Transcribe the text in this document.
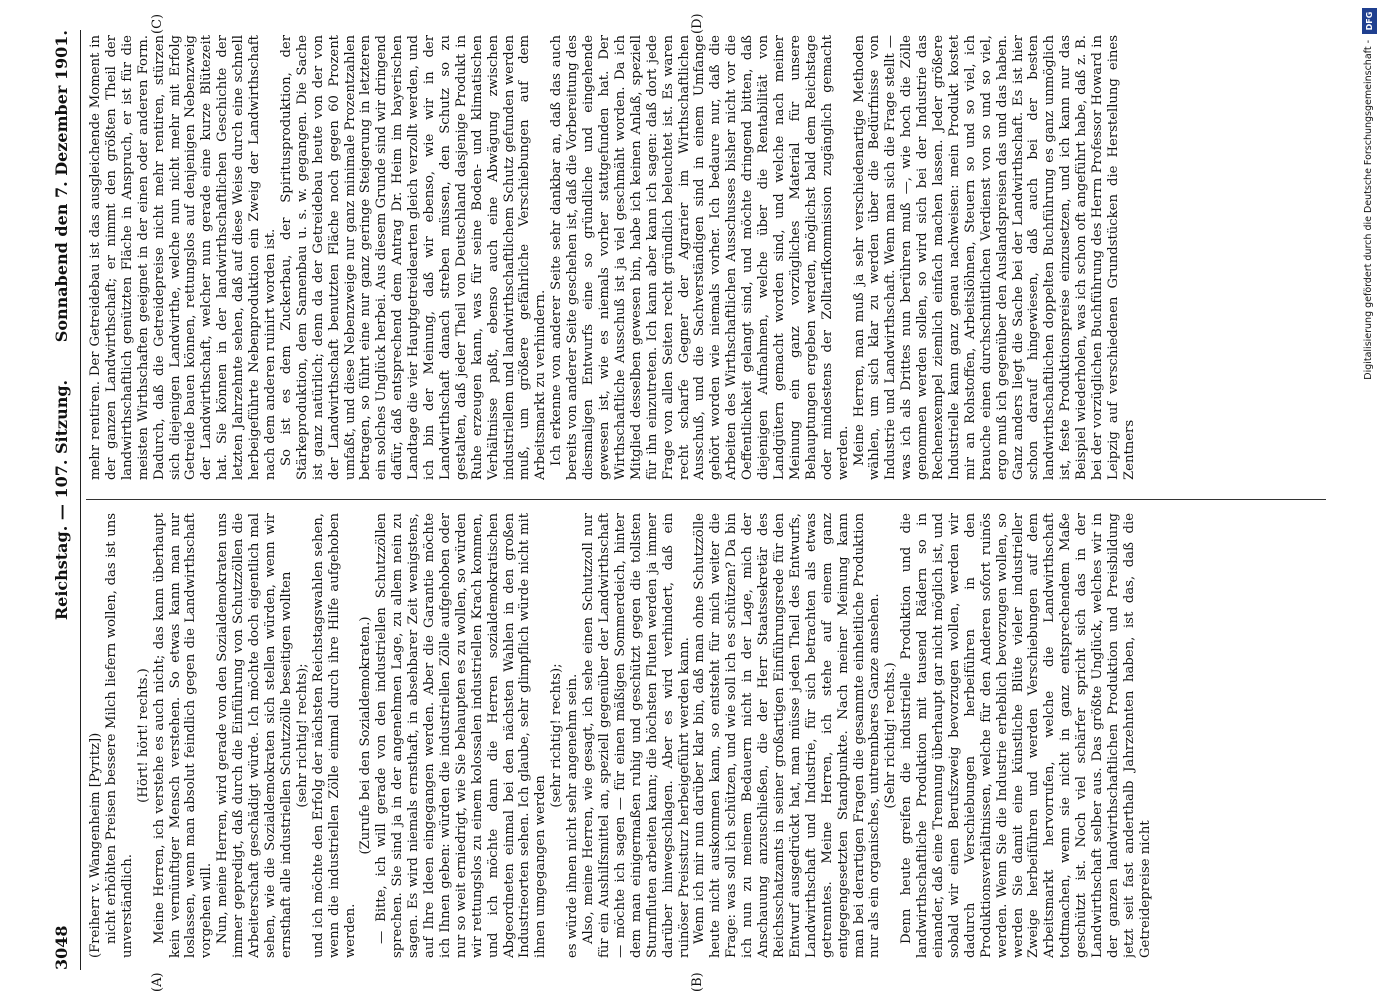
3048
Reichstag. — 107. Sitzung.
Sonnabend den 7. Dezember 1901.
(A)	(B)
(C)	(D)

(Freiherr v. Wangenheim [Pyritz]) nicht erhöhten Preisen bessere Milch liefern wollen, das ist uns unverständlich.

(Hört! hört! rechts.) Meine Herren, ich verstehe es auch nicht; das kann überhaupt kein vernünftiger Mensch verstehen. So etwas kann man nur loslassen, wenn man absolut feindlich gegen die Landwirthschaft vorgehen will. Nun, meine Herren, wird gerade von den Sozialdemokraten uns immer gepredigt, daß durch die Einführung von Schutzzöllen die Arbeiterschaft geschädigt würde. Ich möchte doch eigentlich mal sehen, wie die Sozialdemokraten sich stellen würden, wenn wir ernsthaft alle industriellen Schutzzölle beseitigen wollten (sehr richtig! rechts); und ich möchte den Erfolg der nächsten Reichstagswahlen sehen, wenn die industriellen Zölle einmal durch ihre Hilfe aufgehoben werden.

(Zurufe bei den Sozialdemokraten.) — Bitte, ich will gerade von den industriellen Schutzzöllen sprechen. Sie sind ja in der angenehmen Lage, zu allem nein zu sagen. Es wird niemals ernsthaft, in absehbarer Zeit wenigstens, auf Ihre Ideen eingegangen werden. Aber die Garantie möchte ich Ihnen geben: würden die industriellen Zölle aufgehoben oder nur so weit erniedrigt, wie Sie behaupten es zu wollen, so würden wir rettungslos zu einem kolossalen industriellen Krach kommen, und ich möchte dann die Herren sozialdemokratischen Abgeordneten einmal bei den nächsten Wahlen in den großen Industrieorten sehen. Ich glaube, sehr glimpflich würde nicht mit ihnen umgegangen werden

(sehr richtig! rechts); es würde ihnen nicht sehr angenehm sein. Also, meine Herren, wie gesagt, ich sehe einen Schutzzoll nur für ein Aushilfsmittel an, speziell gegenüber der Landwirthschaft — möchte ich sagen — für einen mäßigen Sommerdeich, hinter dem man einigermaßen ruhig und geschützt gegen die tollsten Sturmfluten arbeiten kann; die höchsten Fluten werden ja immer darüber hinwegschlagen. Aber es wird verhindert, daß ein ruinöser Preissturz herbeigeführt werden kann. Wenn ich mir nun darüber klar bin, daß man ohne Schutzzölle heute nicht auskommen kann, so entsteht für mich weiter die Frage: was soll ich schützen, und wie soll ich es schützen? Da bin ich nun zu meinem Bedauern nicht in der Lage, mich der Anschauung anzuschließen, die der Herr Staatssekretär des Reichsschatzamts in seiner großartigen Einführungsrede für den Entwurf ausgedrückt hat, man müsse jeden Theil des Entwurfs, Landwirthschaft und Industrie, für sich betrachten als etwas getrenntes. Meine Herren, ich stehe auf einem ganz entgegengesetzten Standpunkte. Nach meiner Meinung kann man bei derartigen Fragen die gesammte einheitliche Produktion nur als ein organisches, untrennbares Ganze ansehen. (Sehr richtig! rechts.) Denn heute greifen die industrielle Produktion und die landwirthschaftliche Produktion mit tausend Rädern so in einander, daß eine Trennung überhaupt gar nicht möglich ist, und sobald wir einen Berufszweig bevorzugen wollen, werden wir dadurch Verschiebungen herbeiführen in den Produktionsverhältnissen, welche für den Anderen sofort ruinös werden. Wenn Sie die Industrie erheblich bevorzugen wollen, so werden Sie damit eine künstliche Blüte vieler industrieller Zweige herbeiführen und werden Verschiebungen auf dem Arbeitsmarkt hervorrufen, welche die Landwirthschaft todtmachen, wenn sie nicht in ganz entsprechendem Maße geschützt ist. Noch viel schärfer spricht sich das in der Landwirthschaft selber aus. Das größte Unglück, welches wir in der ganzen landwirthschaftlichen Produktion und Preisbildung jetzt seit fast anderthalb Jahrzehnten haben, ist das, daß die Getreidepreise nicht

mehr rentiren. Der Getreidebau ist das ausgleichende Moment in der ganzen Landwirthschaft; er nimmt den größten Theil der landwirthschaftlich genützten Fläche in Anspruch, er ist für die meisten Wirthschaften geeignet in der einen oder anderen Form. Dadurch, daß die Getreidepreise nicht mehr rentiren, stürzen sich diejenigen Landwirthe, welche nun nicht mehr mit Erfolg Getreide bauen können, rettungslos auf denjenigen Nebenzweig der Landwirthschaft, welcher nun gerade eine kurze Blütezeit hat. Sie können in der landwirthschaftlichen Geschichte der letzten Jahrzehnte sehen, daß auf diese Weise durch eine schnell herbeigeführte Nebenproduktion ein Zweig der Landwirthschaft nach dem anderen ruinirt worden ist. So ist es dem Zuckerbau, der Spiritusproduktion, der Stärkeproduktion, dem Samenbau u. s. w. gegangen. Die Sache ist ganz natürlich; denn da der Getreidebau heute von der von der Landwirthschaft benutzten Fläche noch gegen 60 Prozent umfaßt, und diese Nebenzweige nur ganz minimale Prozentzahlen betragen, so führt eine nur ganz geringe Steigerung in letzteren ein solches Unglück herbei. Aus diesem Grunde sind wir dringend dafür, daß entsprechend dem Antrag Dr. Heim im bayerischen Landtage die vier Hauptgetreidearten gleich verzollt werden, und ich bin der Meinung, daß wir ebenso, wie wir in der Landwirthschaft danach streben müssen, den Schutz so zu gestalten, daß jeder Theil von Deutschland dasjenige Produkt in Ruhe erzeugen kann, was für seine Boden- und klimatischen Verhältnisse paßt, ebenso auch eine Abwägung zwischen industriellem und landwirthschaftlichem Schutz gefunden werden muß, um größere gefährliche Verschiebungen auf dem Arbeitsmarkt zu verhindern. Ich erkenne von anderer Seite sehr dankbar an, daß das auch bereits von anderer Seite geschehen ist, daß die Vorbereitung des diesmaligen Entwurfs eine so gründliche und eingehende gewesen ist, wie es niemals vorher stattgefunden hat. Der Wirthschaftliche Ausschuß ist ja viel geschmäht worden. Da ich Mitglied desselben gewesen bin, habe ich keinen Anlaß, speziell für ihn einzutreten. Ich kann aber kann ich sagen: daß dort jede Frage von allen Seiten recht gründlich beleuchtet ist. Es waren recht scharfe Gegner der Agrarier im Wirthschaftlichen Ausschuß, und die Sachverständigen sind in einem Umfange gehört worden wie niemals vorher. Ich bedaure nur, daß die Arbeiten des Wirthschaftlichen Ausschusses bisher nicht vor die Oeffentlichkeit gelangt sind, und möchte dringend bitten, daß diejenigen Aufnahmen, welche über die Rentabilität von Landgütern gemacht worden sind, und welche nach meiner Meinung ein ganz vorzügliches Material für unsere Behauptungen ergeben werden, möglichst bald dem Reichstage oder mindestens der Zolltarifkommission zugänglich gemacht werden. Meine Herren, man muß ja sehr verschiedenartige Methoden wählen, um sich klar zu werden über die Bedürfnisse von Industrie und Landwirthschaft. Wenn man sich die Frage stellt — was ich als Drittes nun berühren muß —, wie hoch die Zölle genommen werden sollen, so wird sich bei der Industrie das Rechenexempel ziemlich einfach machen lassen. Jeder größere Industrielle kann ganz genau nachweisen: mein Produkt kostet mir an Rohstoffen, Arbeitslöhnen, Steuern so und so viel, ich brauche einen durchschnittlichen Verdienst von so und so viel, ergo muß ich gegenüber den Auslandspreisen das und das haben. Ganz anders liegt die Sache bei der Landwirthschaft. Es ist hier schon darauf hingewiesen, daß auch bei der besten landwirthschaftlichen doppelten Buchführung es ganz unmöglich ist, feste Produktionspreise einzusetzen, und ich kann nur das Beispiel wiederholen, was ich schon oft angeführt habe, daß z. B. bei der vorzüglichen Buchführung des Herrn Professor Howard in Leipzig auf verschiedenen Grundstücken die Herstellung eines Zentners

Digitalisierung gefördert durch die Deutsche Forschungsgemeinschaft -
DFG
